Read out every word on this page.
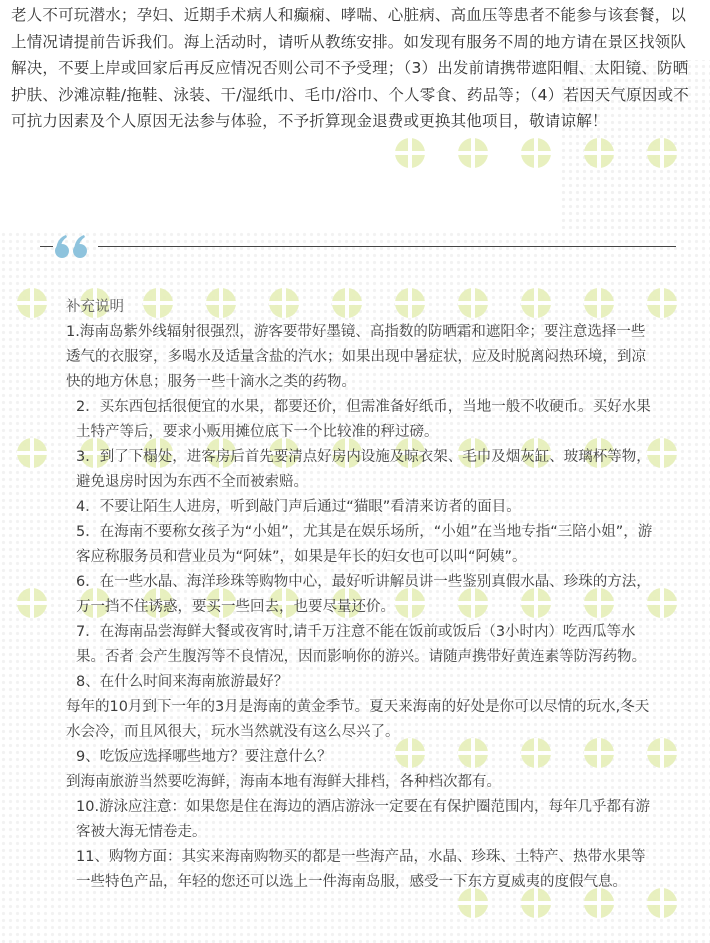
老人不可玩潜水；孕妇、近期手术病人和癫痫、哮喘、心脏病、高血压等患者不能参与该套餐，以上情况请提前告诉我们。海上活动时，请听从教练安排。如发现有服务不周的地方请在景区找领队解决，不要上岸或回家后再反应情况否则公司不予受理；（3）出发前请携带遮阳帽、太阳镜、防晒护肤、沙滩凉鞋/拖鞋、泳装、干/湿纸巾、毛巾/浴巾、个人零食、药品等；（4）若因天气原因或不可抗力因素及个人原因无法参与体验，不予折算现金退费或更换其他项目，敬请谅解！

补充说明

1.海南岛紫外线辐射很强烈，游客要带好墨镜、高指数的防晒霜和遮阳伞；要注意选择一些透气的衣服穿，多喝水及适量含盐的汽水；如果出现中暑症状，应及时脱离闷热环境，到凉快的地方休息；服务一些十滴水之类的药物。

2．买东西包括很便宜的水果，都要还价，但需准备好纸币，当地一般不收硬币。买好水果土特产等后，要求小贩用摊位底下一个比较准的秤过磅。

3．到了下榻处，进客房后首先要清点好房内设施及晾衣架、毛巾及烟灰缸、玻璃杯等物，避免退房时因为东西不全而被索赔。

4．不要让陌生人进房，听到敲门声后通过“猫眼”看清来访者的面目。

5．在海南不要称女孩子为“小姐”，尤其是在娱乐场所，“小姐”在当地专指“三陪小姐”，游客应称服务员和营业员为“阿妹”，如果是年长的妇女也可以叫“阿姨”。

6．在一些水晶、海洋珍珠等购物中心，最好听讲解员讲一些鉴别真假水晶、珍珠的方法，万一挡不住诱惑，要买一些回去，也要尽量还价。

7．在海南品尝海鲜大餐或夜宵时,请千万注意不能在饭前或饭后（3小时内）吃西瓜等水果。否者 会产生腹泻等不良情况，因而影响你的游兴。请随声携带好黄连素等防泻药物。

8、在什么时间来海南旅游最好？

每年的10月到下一年的3月是海南的黄金季节。夏天来海南的好处是你可以尽情的玩水,冬天水会冷，而且风很大，玩水当然就没有这么尽兴了。

9、吃饭应选择哪些地方？要注意什么？

到海南旅游当然要吃海鲜，海南本地有海鲜大排档，各种档次都有。

10.游泳应注意：如果您是住在海边的酒店游泳一定要在有保护圈范围内，每年几乎都有游客被大海无情卷走。

11、购物方面：其实来海南购物买的都是一些海产品，水晶、珍珠、土特产、热带水果等一些特色产品，年轻的您还可以选上一件海南岛服，感受一下东方夏威夷的度假气息。
